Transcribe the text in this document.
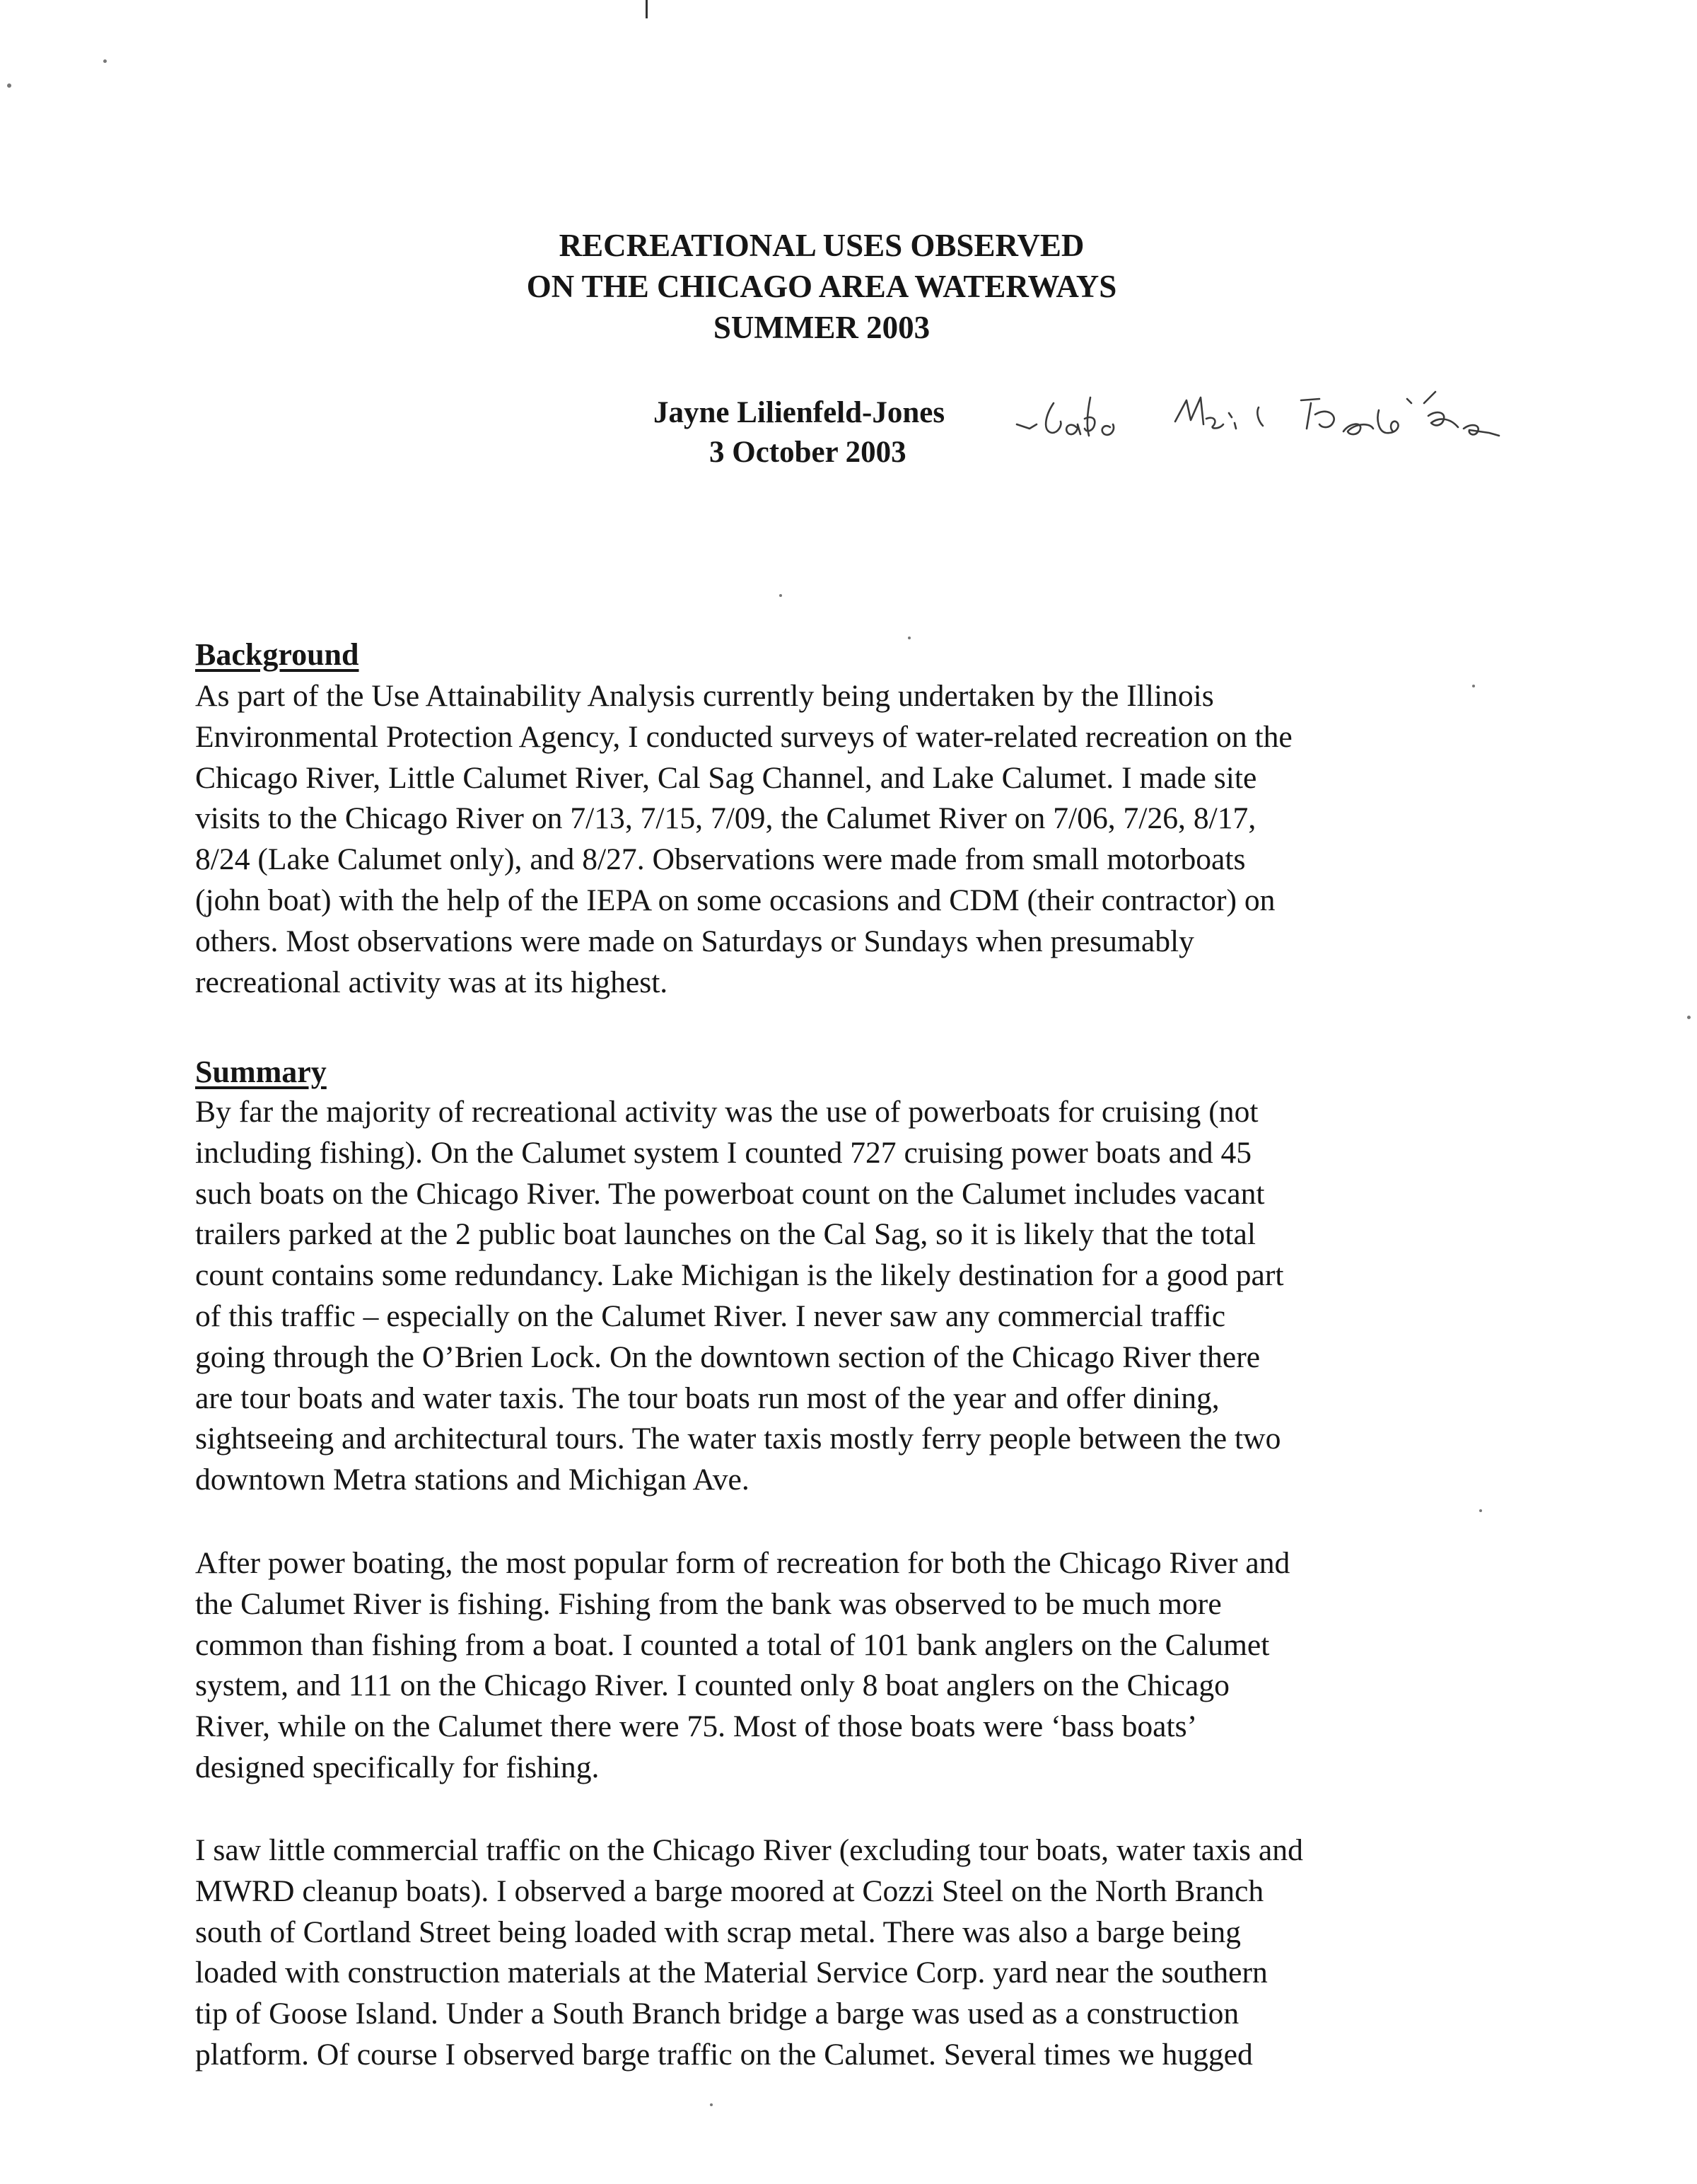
RECREATIONAL USES OBSERVED
ON THE CHICAGO AREA WATERWAYS
SUMMER 2003
Jayne Lilienfeld-Jones
3 October 2003
Lake Mich. Station
Background
As part of the Use Attainability Analysis currently being undertaken by the Illinois
Environmental Protection Agency, I conducted surveys of water-related recreation on the
Chicago River, Little Calumet River, Cal Sag Channel, and Lake Calumet. I made site
visits to the Chicago River on 7/13, 7/15, 7/09, the Calumet River on 7/06, 7/26, 8/17,
8/24 (Lake Calumet only), and 8/27. Observations were made from small motorboats
(john boat) with the help of the IEPA on some occasions and CDM (their contractor) on
others. Most observations were made on Saturdays or Sundays when presumably
recreational activity was at its highest.
Summary
By far the majority of recreational activity was the use of powerboats for cruising (not
including fishing). On the Calumet system I counted 727 cruising power boats and 45
such boats on the Chicago River. The powerboat count on the Calumet includes vacant
trailers parked at the 2 public boat launches on the Cal Sag, so it is likely that the total
count contains some redundancy. Lake Michigan is the likely destination for a good part
of this traffic – especially on the Calumet River. I never saw any commercial traffic
going through the O’Brien Lock. On the downtown section of the Chicago River there
are tour boats and water taxis. The tour boats run most of the year and offer dining,
sightseeing and architectural tours. The water taxis mostly ferry people between the two
downtown Metra stations and Michigan Ave.
After power boating, the most popular form of recreation for both the Chicago River and
the Calumet River is fishing. Fishing from the bank was observed to be much more
common than fishing from a boat. I counted a total of 101 bank anglers on the Calumet
system, and 111 on the Chicago River. I counted only 8 boat anglers on the Chicago
River, while on the Calumet there were 75. Most of those boats were ‘bass boats’
designed specifically for fishing.
I saw little commercial traffic on the Chicago River (excluding tour boats, water taxis and
MWRD cleanup boats). I observed a barge moored at Cozzi Steel on the North Branch
south of Cortland Street being loaded with scrap metal. There was also a barge being
loaded with construction materials at the Material Service Corp. yard near the southern
tip of Goose Island. Under a South Branch bridge a barge was used as a construction
platform. Of course I observed barge traffic on the Calumet. Several times we hugged
